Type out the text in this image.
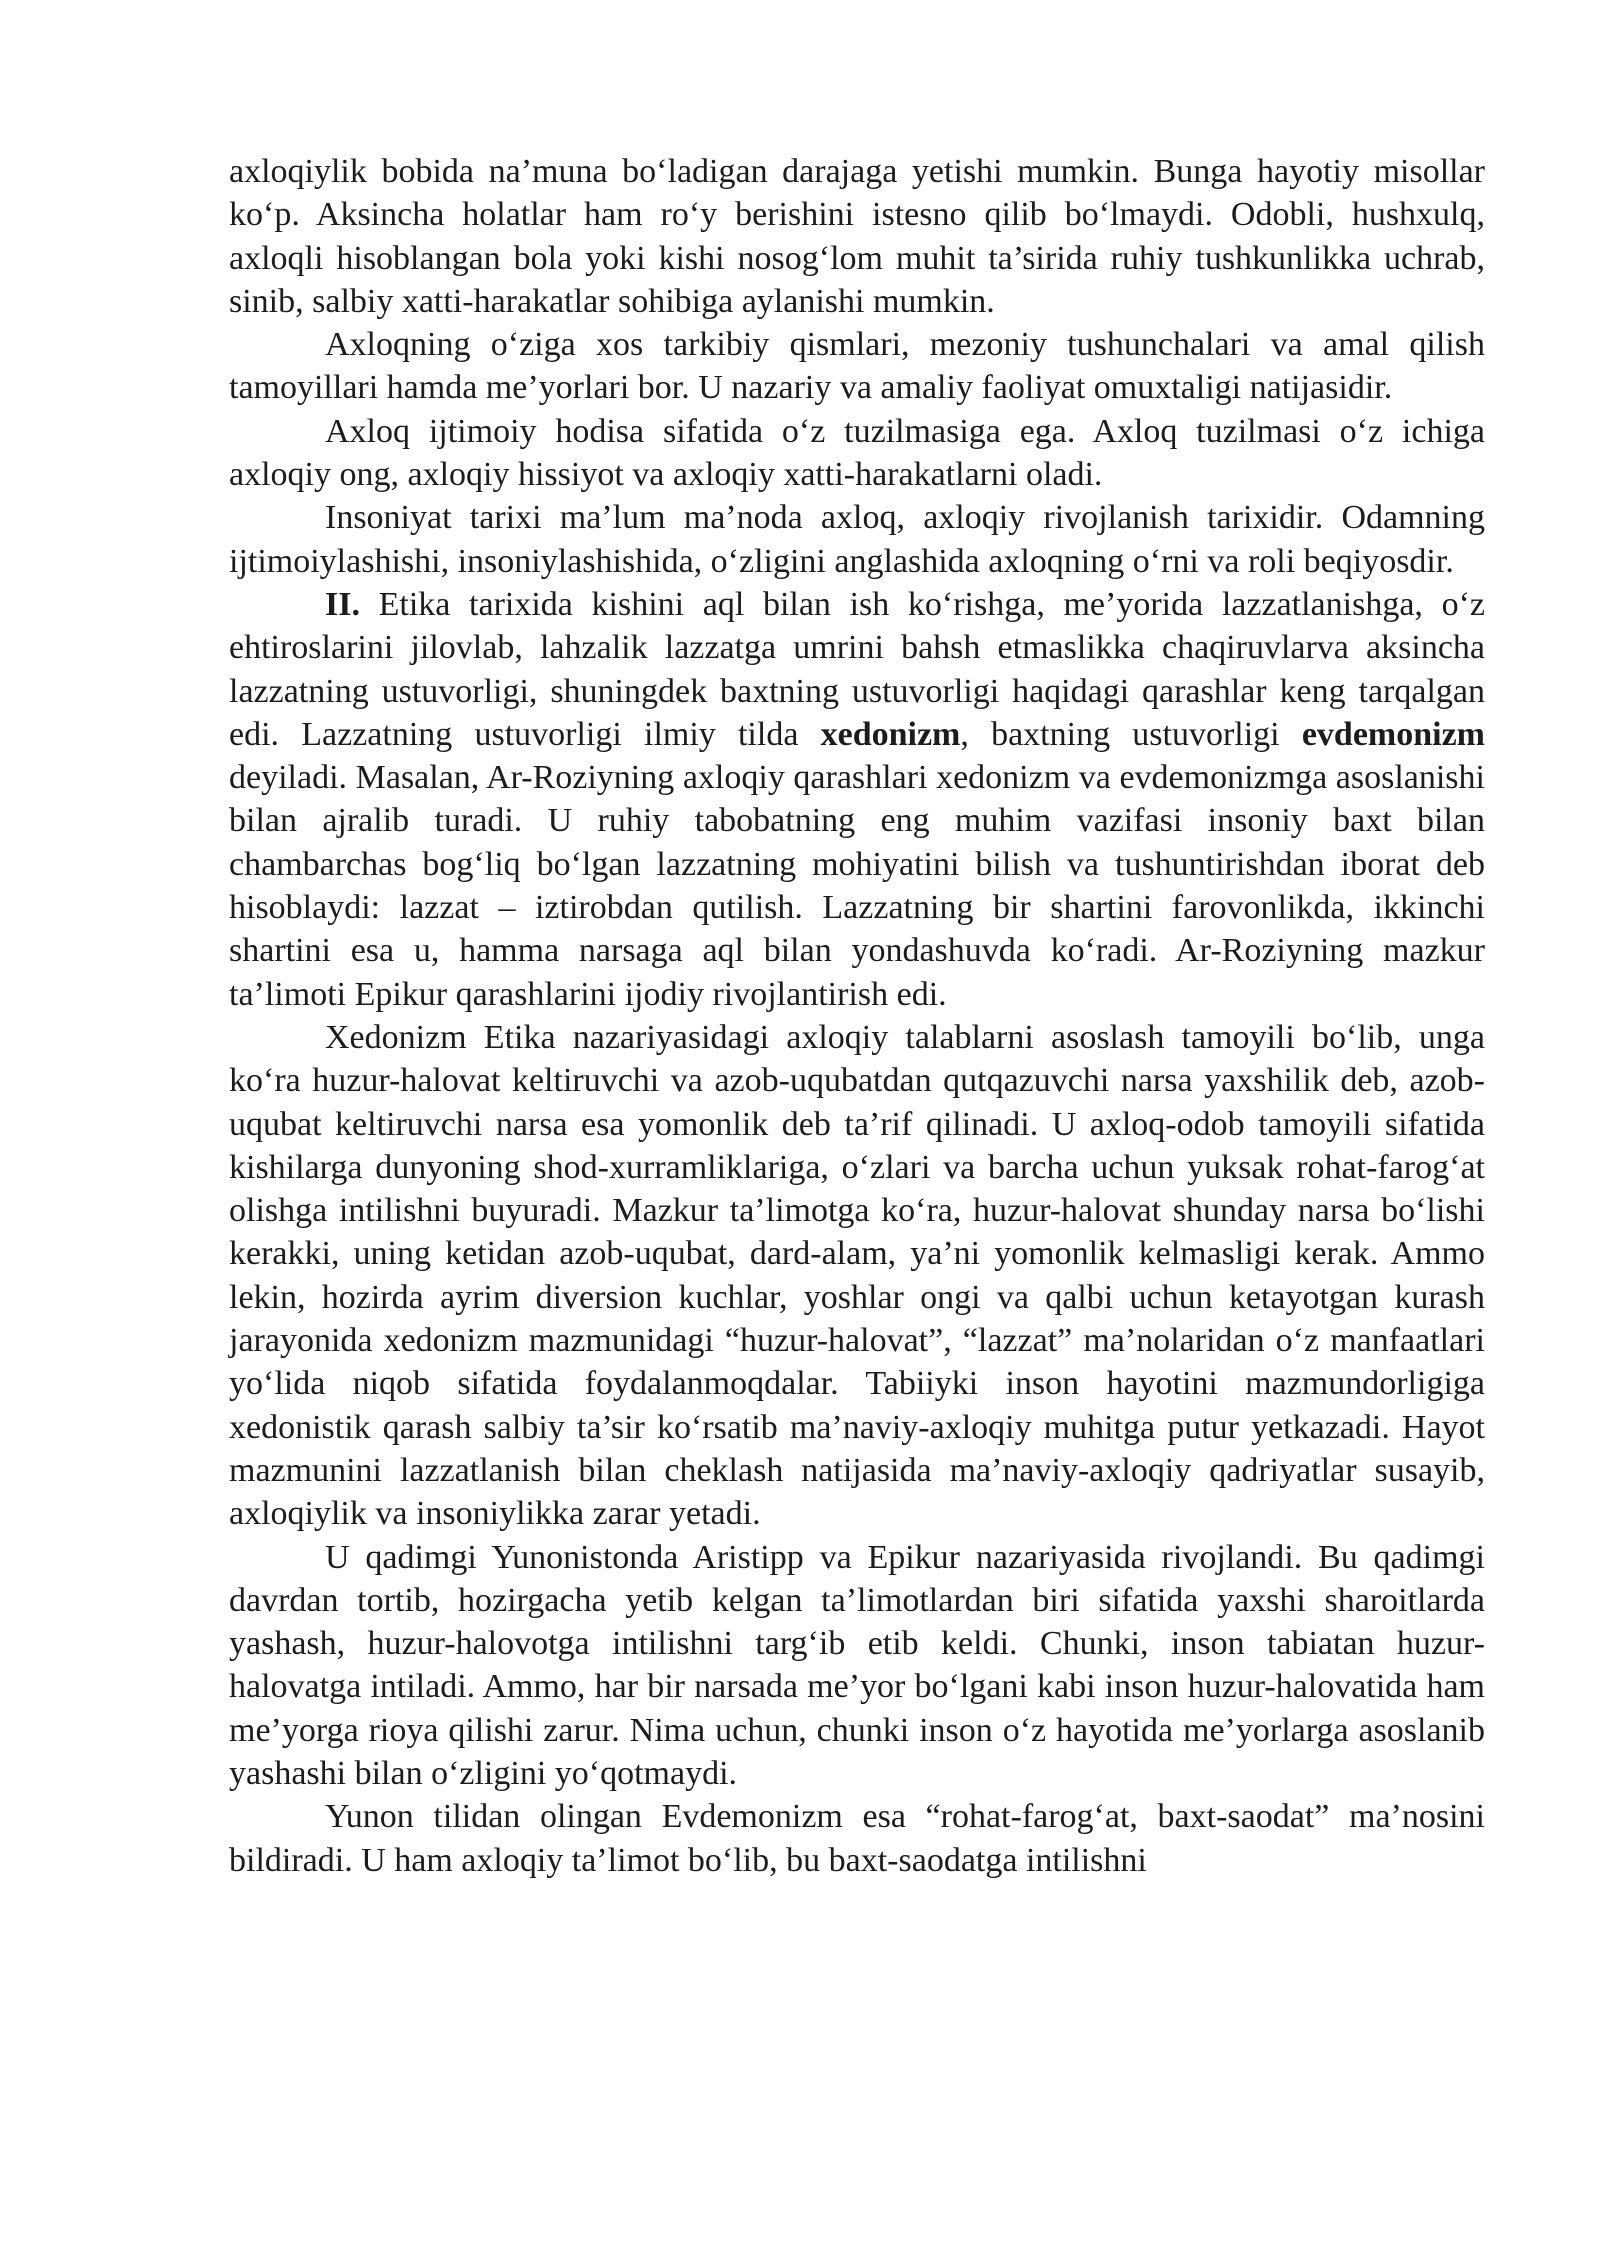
axloqiylik bobida na’muna bo‘ladigan darajaga yetishi mumkin. Bunga hayotiy misollar ko‘p. Aksincha holatlar ham ro‘y berishini istesno qilib bo‘lmaydi. Odobli, hushxulq, axloqli hisoblangan bola yoki kishi nosog‘lom muhit ta’sirida ruhiy tushkunlikka uchrab, sinib, salbiy xatti-harakatlar sohibiga aylanishi mumkin.

Axloqning o‘ziga xos tarkibiy qismlari, mezoniy tushunchalari va amal qilish tamoyillari hamda me’yorlari bor. U nazariy va amaliy faoliyat omuxtaligi natijasidir.

Axloq ijtimoiy hodisa sifatida o‘z tuzilmasiga ega. Axloq tuzilmasi o‘z ichiga axloqiy ong, axloqiy hissiyot va axloqiy xatti-harakatlarni oladi.

Insoniyat tarixi ma’lum ma’noda axloq, axloqiy rivojlanish tarixidir. Odamning ijtimoiylashishi, insoniylashishida, o‘zligini anglashida axloqning o‘rni va roli beqiyosdir.

II. Etika tarixida kishini aql bilan ish ko‘rishga, me’yorida lazzatlanishga, o‘z ehtiroslarini jilovlab, lahzalik lazzatga umrini bahsh etmaslikka chaqiruvlarva aksincha lazzatning ustuvorligi, shuningdek baxtning ustuvorligi haqidagi qarashlar keng tarqalgan edi. Lazzatning ustuvorligi ilmiy tilda xedonizm, baxtning ustuvorligi evdemonizm deyiladi. Masalan, Ar-Roziyning axloqiy qarashlari xedonizm va evdemonizmga asoslanishi bilan ajralib turadi. U ruhiy tabobatning eng muhim vazifasi insoniy baxt bilan chambarchas bog‘liq bo‘lgan lazzatning mohiyatini bilish va tushuntirishdan iborat deb hisoblaydi: lazzat – iztirobdan qutilish. Lazzatning bir shartini farovonlikda, ikkinchi shartini esa u, hamma narsaga aql bilan yondashuvda ko‘radi. Ar-Roziyning mazkur ta’limoti Epikur qarashlarini ijodiy rivojlantirish edi.

Xedonizm Etika nazariyasidagi axloqiy talablarni asoslash tamoyili bo‘lib, unga ko‘ra huzur-halovat keltiruvchi va azob-uqubatdan qutqazuvchi narsa yaxshilik deb, azob-uqubat keltiruvchi narsa esa yomonlik deb ta’rif qilinadi. U axloq-odob tamoyili sifatida kishilarga dunyoning shod-xurramliklariga, o‘zlari va barcha uchun yuksak rohat-farog‘at olishga intilishni buyuradi. Mazkur ta’limotga ko‘ra, huzur-halovat shunday narsa bo‘lishi kerakki, uning ketidan azob-uqubat, dard-alam, ya’ni yomonlik kelmasligi kerak. Ammo lekin, hozirda ayrim diversion kuchlar, yoshlar ongi va qalbi uchun ketayotgan kurash jarayonida xedonizm mazmunidagi “huzur-halovat”, “lazzat” ma’nolaridan o‘z manfaatlari yo‘lida niqob sifatida foydalanmoqdalar. Tabiiyki inson hayotini mazmundorligiga xedonistik qarash salbiy ta’sir ko‘rsatib ma’naviy-axloqiy muhitga putur yetkazadi. Hayot mazmunini lazzatlanish bilan cheklash natijasida ma’naviy-axloqiy qadriyatlar susayib, axloqiylik va insoniylikka zarar yetadi.

U qadimgi Yunonistonda Aristipp va Epikur nazariyasida rivojlandi. Bu qadimgi davrdan tortib, hozirgacha yetib kelgan ta’limotlardan biri sifatida yaxshi sharoitlarda yashash, huzur-halovotga intilishni targ‘ib etib keldi. Chunki, inson tabiatan huzur-halovatga intiladi. Ammo, har bir narsada me’yor bo‘lgani kabi inson huzur-halovatida ham me’yorga rioya qilishi zarur. Nima uchun, chunki inson o‘z hayotida me’yorlarga asoslanib yashashi bilan o‘zligini yo‘qotmaydi.

Yunon tilidan olingan Evdemonizm esa “rohat-farog‘at, baxt-saodat” ma’nosini bildiradi. U ham axloqiy ta’limot bo‘lib, bu baxt-saodatga intilishni
